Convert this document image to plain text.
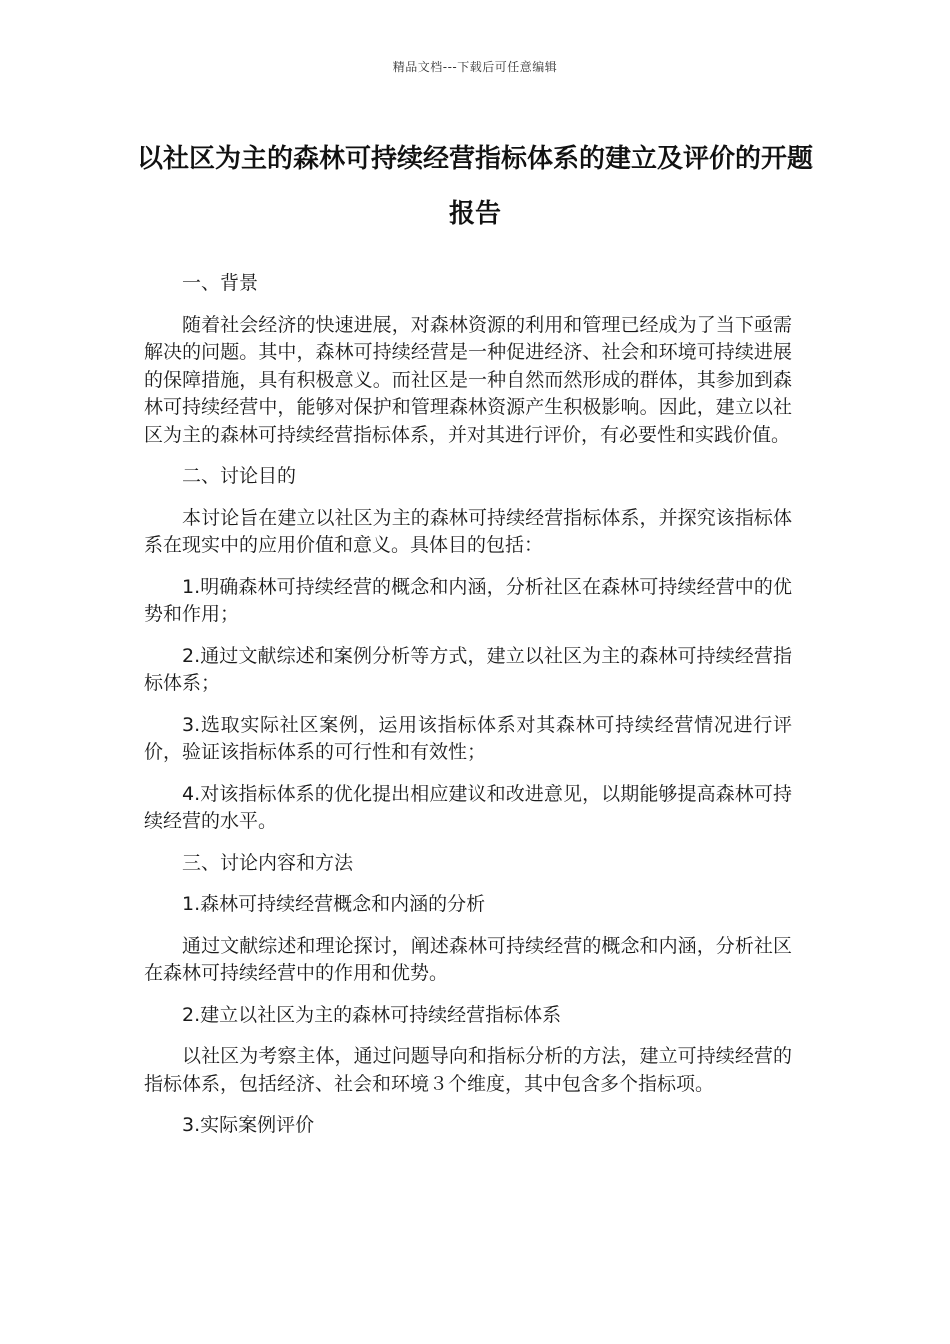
精品文档---下载后可任意编辑
以社区为主的森林可持续经营指标体系的建立及评价的开题报告

一、背景

随着社会经济的快速进展，对森林资源的利用和管理已经成为了当下亟需解决的问题。其中，森林可持续经营是一种促进经济、社会和环境可持续进展的保障措施，具有积极意义。而社区是一种自然而然形成的群体，其参加到森林可持续经营中，能够对保护和管理森林资源产生积极影响。因此，建立以社区为主的森林可持续经营指标体系，并对其进行评价，有必要性和实践价值。

二、讨论目的

本讨论旨在建立以社区为主的森林可持续经营指标体系，并探究该指标体系在现实中的应用价值和意义。具体目的包括：

1.明确森林可持续经营的概念和内涵，分析社区在森林可持续经营中的优势和作用；

2.通过文献综述和案例分析等方式，建立以社区为主的森林可持续经营指标体系；

3.选取实际社区案例，运用该指标体系对其森林可持续经营情况进行评价，验证该指标体系的可行性和有效性；

4.对该指标体系的优化提出相应建议和改进意见，以期能够提高森林可持续经营的水平。

三、讨论内容和方法

1.森林可持续经营概念和内涵的分析

通过文献综述和理论探讨，阐述森林可持续经营的概念和内涵，分析社区在森林可持续经营中的作用和优势。

2.建立以社区为主的森林可持续经营指标体系

以社区为考察主体，通过问题导向和指标分析的方法，建立可持续经营的指标体系，包括经济、社会和环境３个维度，其中包含多个指标项。

3.实际案例评价
